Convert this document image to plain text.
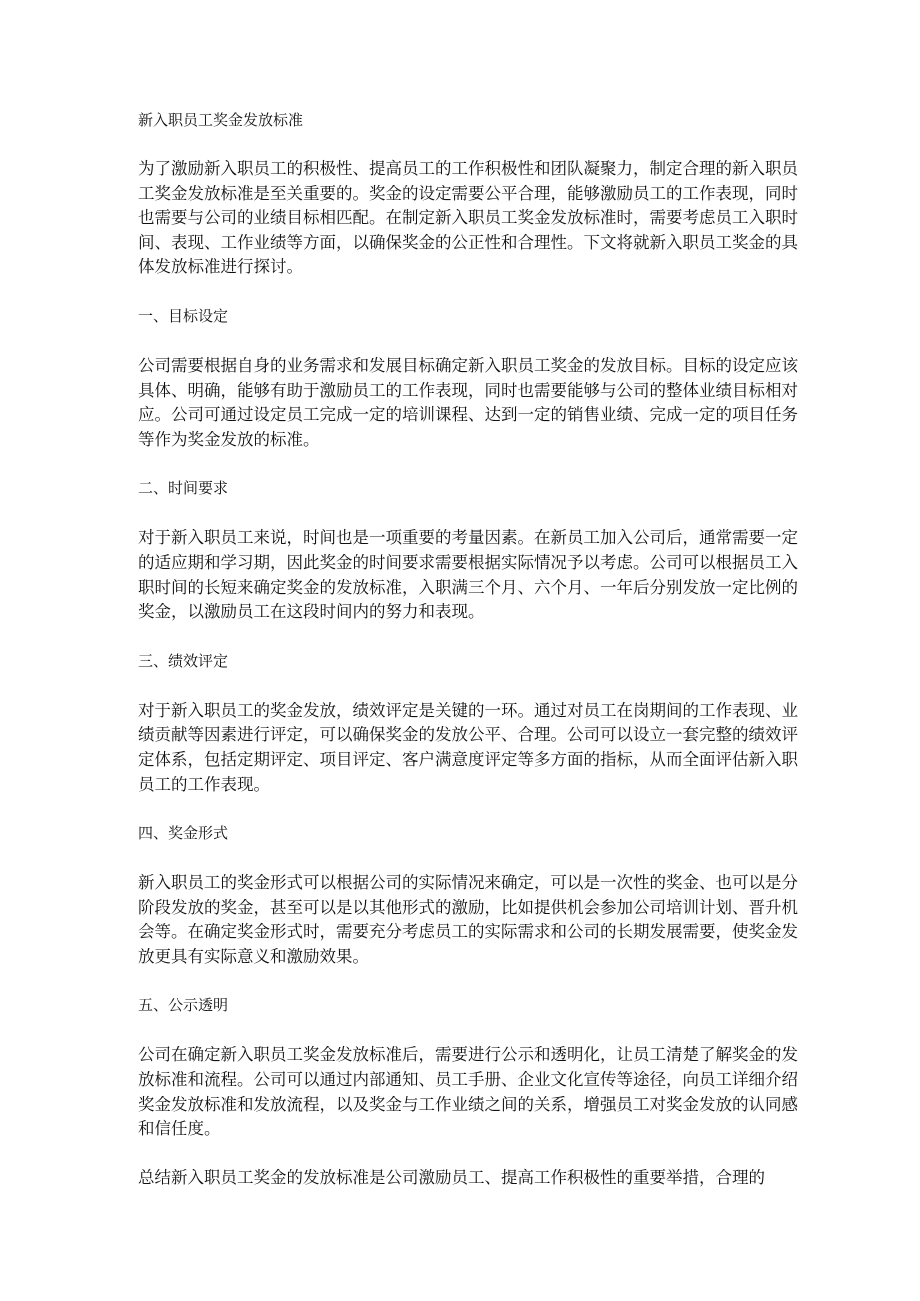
新入职员工奖金发放标准

为了激励新入职员工的积极性、提高员工的工作积极性和团队凝聚力，制定合理的新入职员工奖金发放标准是至关重要的。奖金的设定需要公平合理，能够激励员工的工作表现，同时也需要与公司的业绩目标相匹配。在制定新入职员工奖金发放标准时，需要考虑员工入职时间、表现、工作业绩等方面，以确保奖金的公正性和合理性。下文将就新入职员工奖金的具体发放标准进行探讨。

一、目标设定

公司需要根据自身的业务需求和发展目标确定新入职员工奖金的发放目标。目标的设定应该具体、明确，能够有助于激励员工的工作表现，同时也需要能够与公司的整体业绩目标相对应。公司可通过设定员工完成一定的培训课程、达到一定的销售业绩、完成一定的项目任务等作为奖金发放的标准。

二、时间要求

对于新入职员工来说，时间也是一项重要的考量因素。在新员工加入公司后，通常需要一定的适应期和学习期，因此奖金的时间要求需要根据实际情况予以考虑。公司可以根据员工入职时间的长短来确定奖金的发放标准，入职满三个月、六个月、一年后分别发放一定比例的奖金，以激励员工在这段时间内的努力和表现。

三、绩效评定

对于新入职员工的奖金发放，绩效评定是关键的一环。通过对员工在岗期间的工作表现、业绩贡献等因素进行评定，可以确保奖金的发放公平、合理。公司可以设立一套完整的绩效评定体系，包括定期评定、项目评定、客户满意度评定等多方面的指标，从而全面评估新入职员工的工作表现。

四、奖金形式

新入职员工的奖金形式可以根据公司的实际情况来确定，可以是一次性的奖金、也可以是分阶段发放的奖金，甚至可以是以其他形式的激励，比如提供机会参加公司培训计划、晋升机会等。在确定奖金形式时，需要充分考虑员工的实际需求和公司的长期发展需要，使奖金发放更具有实际意义和激励效果。

五、公示透明

公司在确定新入职员工奖金发放标准后，需要进行公示和透明化，让员工清楚了解奖金的发放标准和流程。公司可以通过内部通知、员工手册、企业文化宣传等途径，向员工详细介绍奖金发放标准和发放流程，以及奖金与工作业绩之间的关系，增强员工对奖金发放的认同感和信任度。

总结新入职员工奖金的发放标准是公司激励员工、提高工作积极性的重要举措，合理的
